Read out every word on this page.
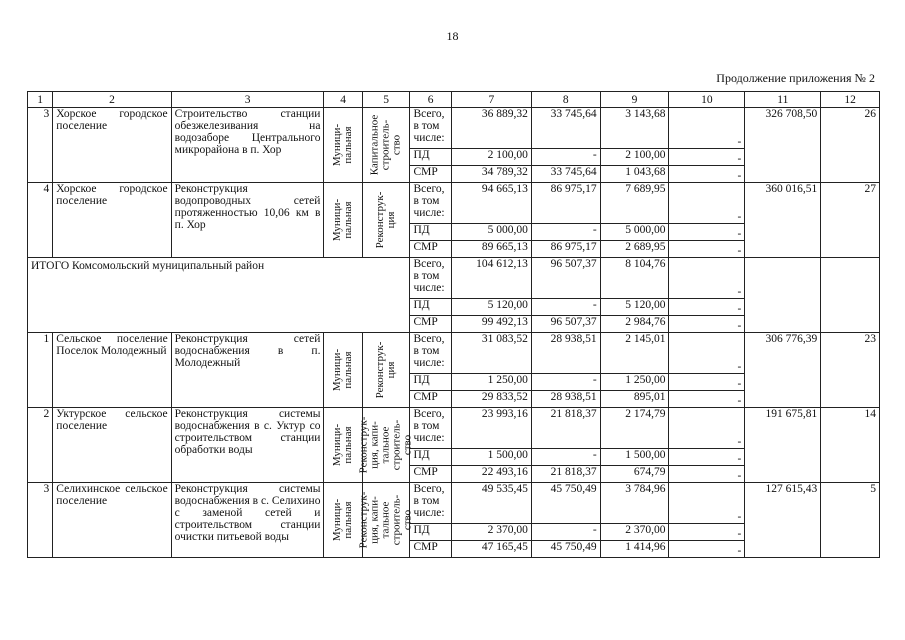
18
Продолжение приложения № 2
1	2	3	4	5	6	7	8	9	10	11	12
3	Хорское городское поселение	Строительство станции обезжелезивания на водозаборе Центрального микрорайона в п. Хор	Муници-пальная	Капитальное строитель-ство	Всего, в том числе:	36 889,32	33 745,64	3 143,68	-	326 708,50	26
					ПД	2 100,00	-	2 100,00	-		
					СМР	34 789,32	33 745,64	1 043,68	-		
4	Хорское городское поселение	Реконструкция водопроводных сетей протяженностью 10,06 км в п. Хор	Муници-пальная	Реконструк-ция	Всего, в том числе:	94 665,13	86 975,17	7 689,95	-	360 016,51	27
					ПД	5 000,00	-	5 000,00	-		
					СМР	89 665,13	86 975,17	2 689,95	-		
ИТОГО Комсомольский муниципальный район					Всего, в том числе:	104 612,13	96 507,37	8 104,76	-		
					ПД	5 120,00	-	5 120,00	-		
					СМР	99 492,13	96 507,37	2 984,76	-		
1	Сельское поселение Поселок Молодежный	Реконструкция сетей водоснабжения в п. Молодежный	Муници-пальная	Реконструк-ция	Всего, в том числе:	31 083,52	28 938,51	2 145,01	-	306 776,39	23
					ПД	1 250,00	-	1 250,00	-		
					СМР	29 833,52	28 938,51	895,01	-		
2	Уктурское сельское поселение	Реконструкция системы водоснабжения в с. Уктур со строительством станции обработки воды	Муници-пальная	Реконструк-ция, капи-тальное строитель-ство	Всего, в том числе:	23 993,16	21 818,37	2 174,79	-	191 675,81	14
					ПД	1 500,00	-	1 500,00	-		
					СМР	22 493,16	21 818,37	674,79	-		
3	Селихинское сельское поселение	Реконструкция системы водоснабжения в с. Селихино с заменой сетей и строительством станции очистки питьевой воды	Муници-пальная	Реконструк-ция, капи-тальное строитель-ство	Всего, в том числе:	49 535,45	45 750,49	3 784,96	-	127 615,43	5
					ПД	2 370,00	-	2 370,00	-		
					СМР	47 165,45	45 750,49	1 414,96	-		
